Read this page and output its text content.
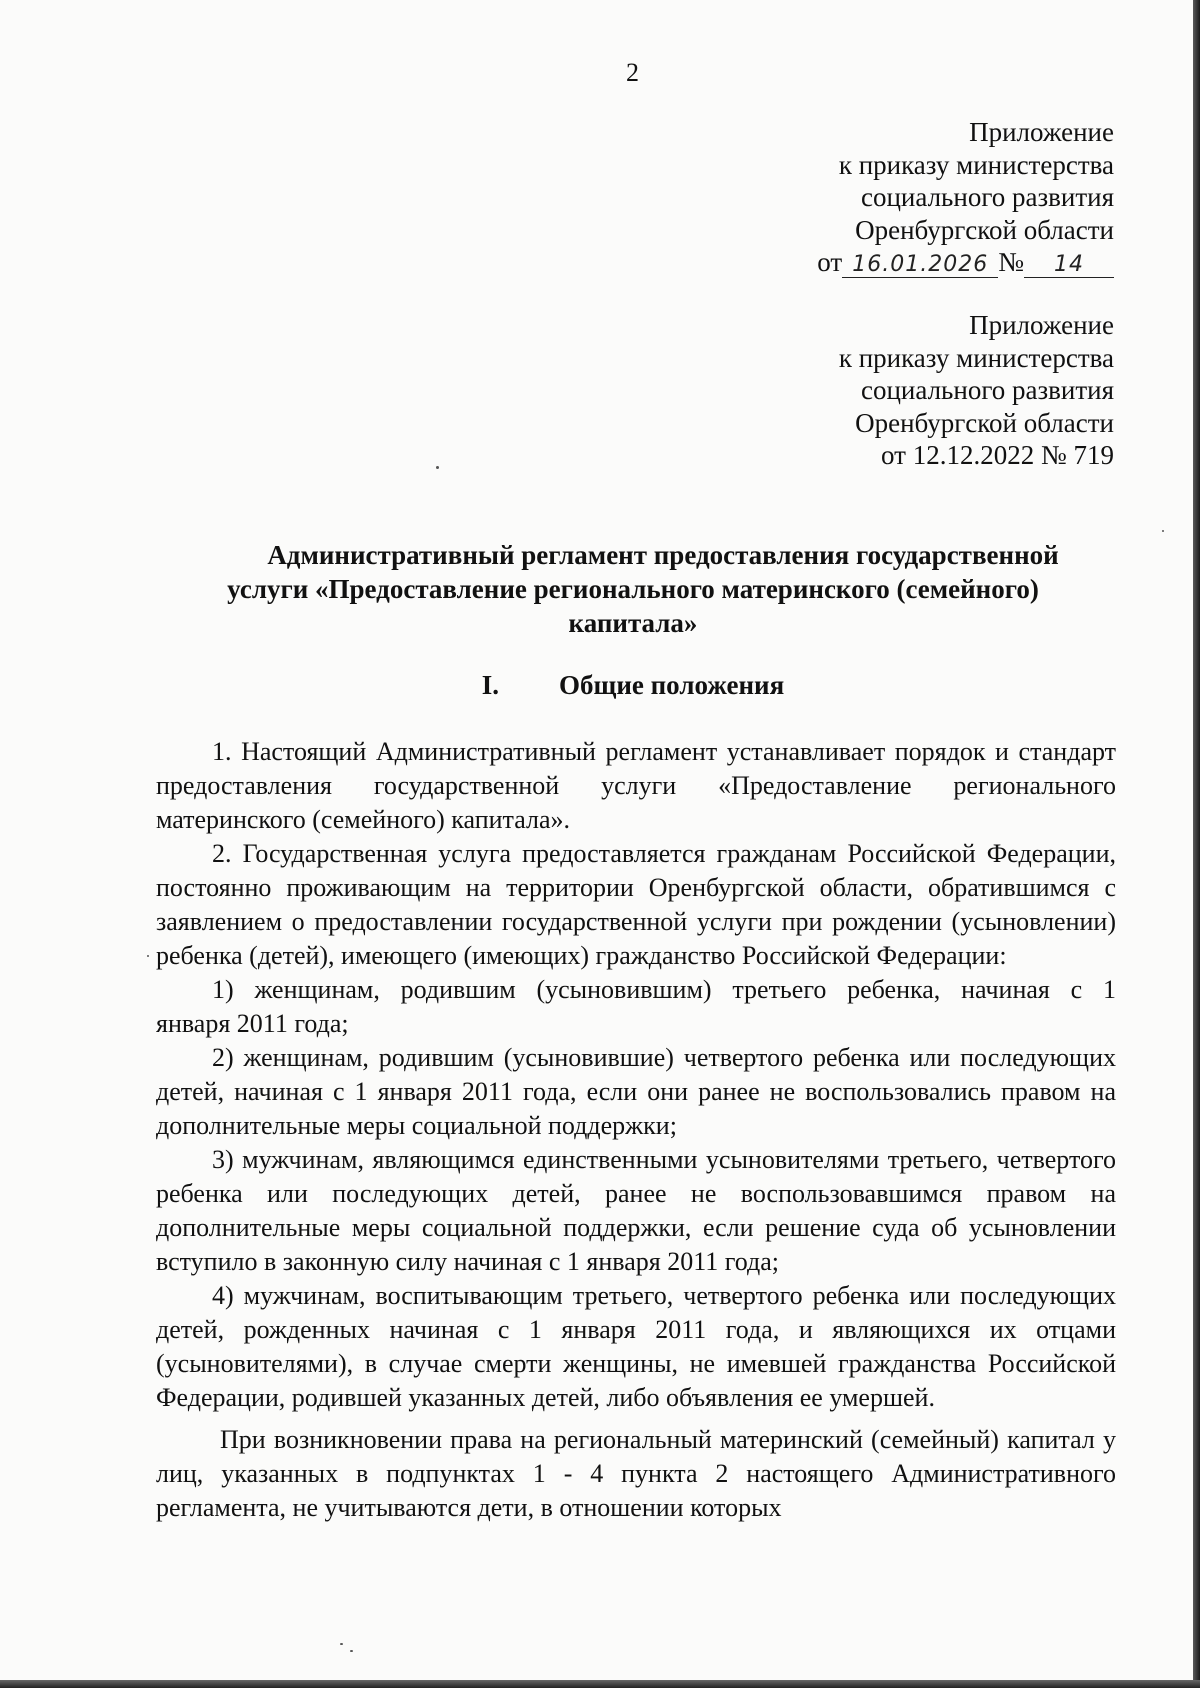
2
Приложение
к приказу министерства
социального развития
Оренбургской области
от 16.01.2026 № 14
Приложение
к приказу министерства
социального развития
Оренбургской области
от 12.12.2022 № 719
Административный регламент предоставления государственной
услуги «Предоставление регионального материнского (семейного)
капитала»
I. Общие положения

1. Настоящий Административный регламент устанавливает порядок и стандарт предоставления государственной услуги «Предоставление регионального материнского (семейного) капитала».

2. Государственная услуга предоставляется гражданам Российской Федерации, постоянно проживающим на территории Оренбургской области, обратившимся с заявлением о предоставлении государственной услуги при рождении (усыновлении) ребенка (детей), имеющего (имеющих) гражданство Российской Федерации:

1) женщинам, родившим (усыновившим) третьего ребенка, начиная с 1

января 2011 года;

2) женщинам, родившим (усыновившие) четвертого ребенка или последующих детей, начиная с 1 января 2011 года, если они ранее не воспользовались правом на дополнительные меры социальной поддержки;

3) мужчинам, являющимся единственными усыновителями третьего, четвертого ребенка или последующих детей, ранее не воспользовавшимся правом на дополнительные меры социальной поддержки, если решение суда об усыновлении вступило в законную силу начиная с 1 января 2011 года;

4) мужчинам, воспитывающим третьего, четвертого ребенка или последующих детей, рожденных начиная с 1 января 2011 года, и являющихся их отцами (усыновителями), в случае смерти женщины, не имевшей гражданства Российской Федерации, родившей указанных детей, либо объявления ее умершей.

При возникновении права на региональный материнский (семейный) капитал у лиц, указанных в подпунктах 1 - 4 пункта 2 настоящего Административного регламента, не учитываются дети, в отношении которых
